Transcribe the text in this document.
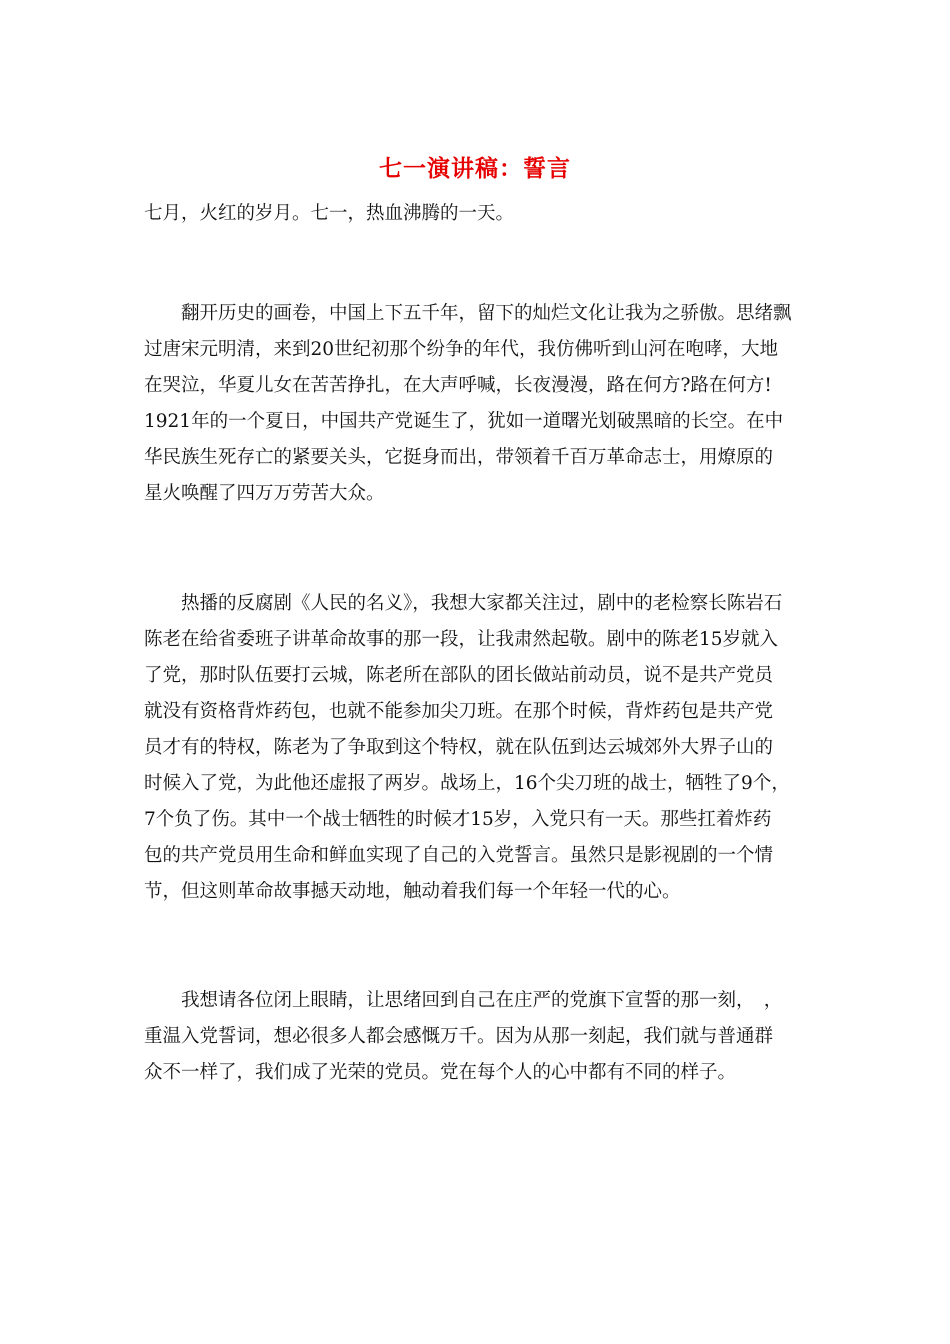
七一演讲稿：誓言
七月，火红的岁月。七一，热血沸腾的一天。
　　翻开历史的画卷，中国上下五千年，留下的灿烂文化让我为之骄傲。思绪飘
过唐宋元明清，来到20世纪初那个纷争的年代，我仿佛听到山河在咆哮，大地
在哭泣，华夏儿女在苦苦挣扎，在大声呼喊，长夜漫漫，路在何方?路在何方!
1921年的一个夏日，中国共产党诞生了，犹如一道曙光划破黑暗的长空。在中
华民族生死存亡的紧要关头，它挺身而出，带领着千百万革命志士，用燎原的
星火唤醒了四万万劳苦大众。
　　热播的反腐剧《人民的名义》，我想大家都关注过，剧中的老检察长陈岩石
陈老在给省委班子讲革命故事的那一段，让我肃然起敬。剧中的陈老15岁就入
了党，那时队伍要打云城，陈老所在部队的团长做站前动员，说不是共产党员
就没有资格背炸药包，也就不能参加尖刀班。在那个时候，背炸药包是共产党
员才有的特权，陈老为了争取到这个特权，就在队伍到达云城郊外大界子山的
时候入了党，为此他还虚报了两岁。战场上，16个尖刀班的战士，牺牲了9个，
7个负了伤。其中一个战士牺牲的时候才15岁，入党只有一天。那些扛着炸药
包的共产党员用生命和鲜血实现了自己的入党誓言。虽然只是影视剧的一个情
节，但这则革命故事撼天动地，触动着我们每一个年轻一代的心。
　　我想请各位闭上眼睛，让思绪回到自己在庄严的党旗下宣誓的那一刻，　，
重温入党誓词，想必很多人都会感慨万千。因为从那一刻起，我们就与普通群
众不一样了，我们成了光荣的党员。党在每个人的心中都有不同的样子。
